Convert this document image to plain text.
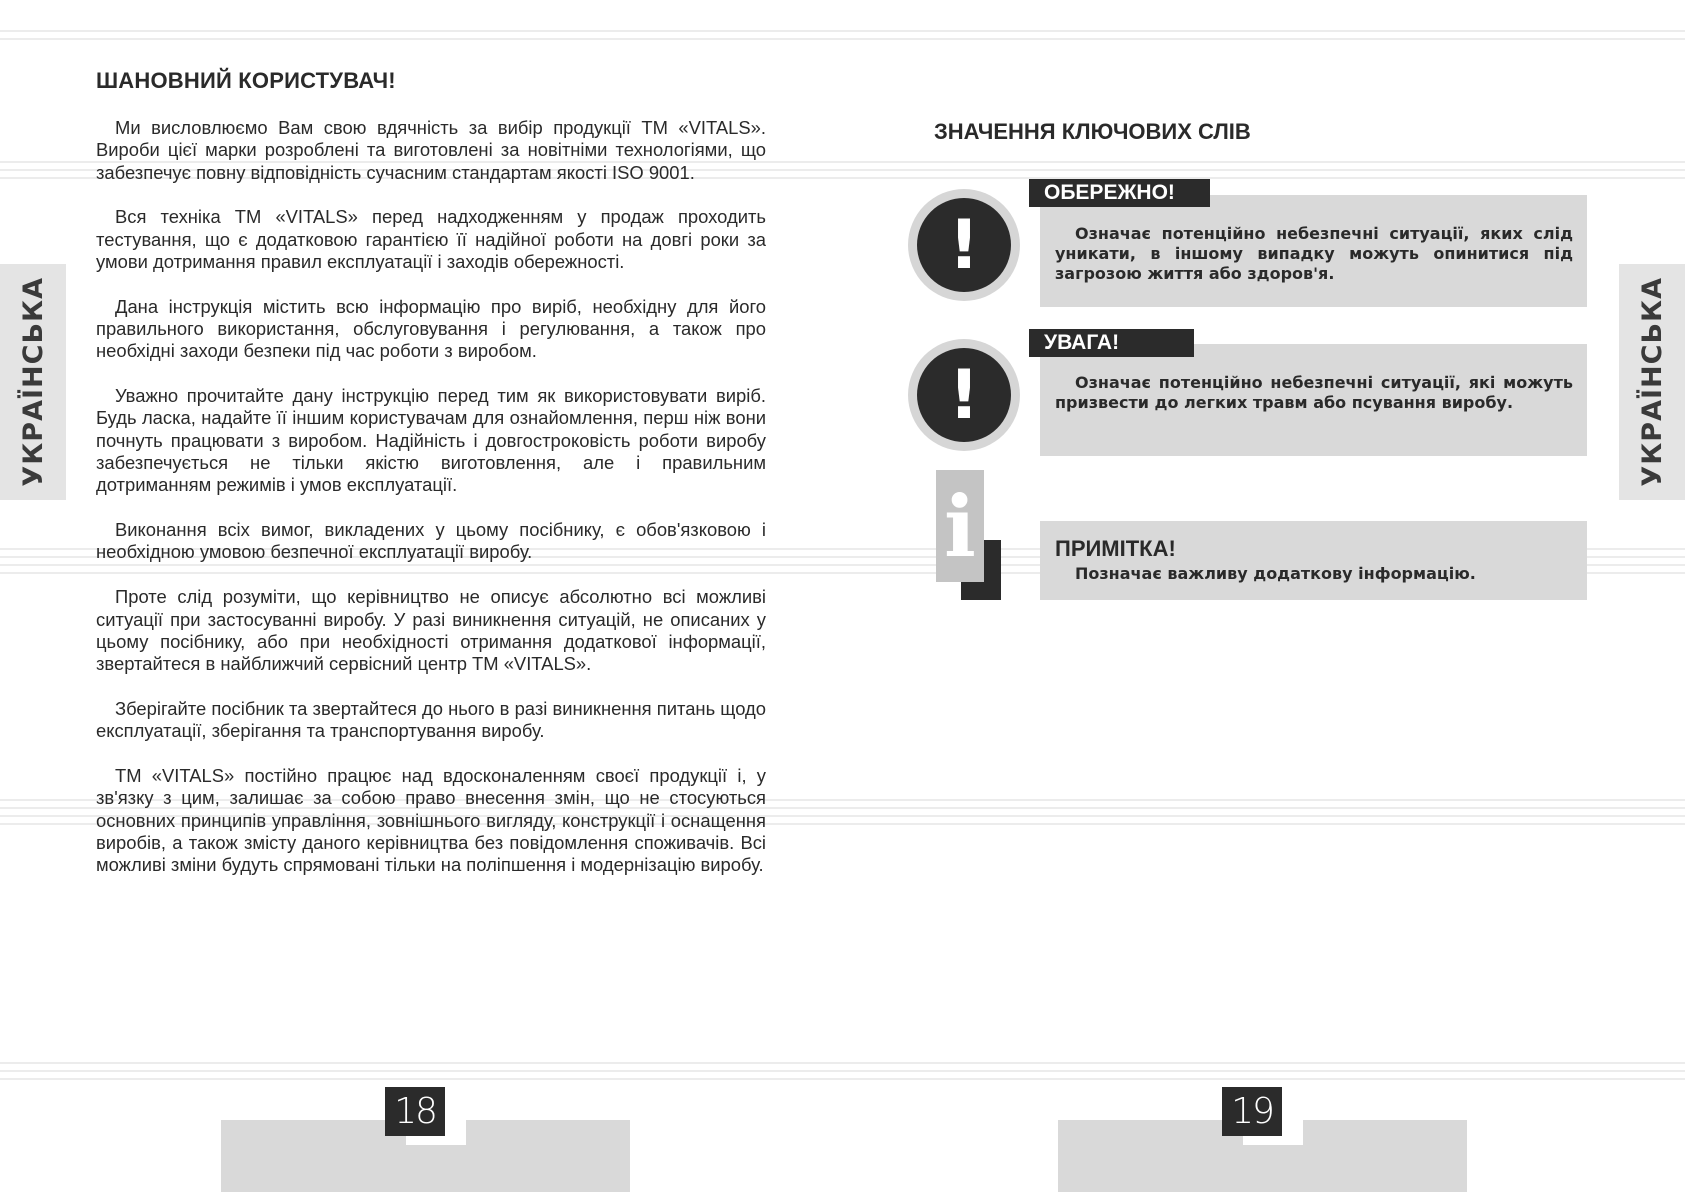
УКРАЇНСЬКА	УКРАЇНСЬКА
ШАНОВНИЙ КОРИСТУВАЧ!

Ми висловлюємо Вам свою вдячність за вибір продукції ТМ «VITALS». Вироби цієї марки розроблені та виготовлені за новітніми технологіями, що забезпечує повну відповідність сучасним стандартам якості ISO 9001.

Вся техніка ТМ «VITALS» перед надходженням у продаж проходить тестування, що є додатковою гарантією її надійної роботи на довгі роки за умови дотримання правил експлуатації і заходів обережності.

Дана інструкція містить всю інформацію про виріб, необхідну для його правильного використання, обслуговування і регулювання, а також про необхідні заходи безпеки під час роботи з виробом.

Уважно прочитайте дану інструкцію перед тим як використовувати виріб. Будь ласка, надайте її іншим користувачам для ознайомлення, перш ніж вони почнуть працювати з виробом. Надійність і довгостроковість роботи виробу забезпечується не тільки якістю виготовлення, але і правильним дотриманням режимів і умов експлуатації.

Виконання всіх вимог, викладених у цьому посібнику, є обов'язковою і необхідною умовою безпечної експлуатації виробу.

Проте слід розуміти, що керівництво не описує абсолютно всі можливі ситуації при застосуванні виробу. У разі виникнення ситуацій, не описаних у цьому посібнику, або при необхідності отримання додаткової інформації, звертайтеся в найближчий сервісний центр ТМ «VITALS».

Зберігайте посібник та звертайтеся до нього в разі виникнення питань щодо експлуатації, зберігання та транспортування виробу.

ТМ «VITALS» постійно працює над вдосконаленням своєї продукції і, у зв'язку з цим, залишає за собою право внесення змін, що не стосуються основних принципів управління, зовнішнього вигляду, конструкції і оснащення виробів, а також змісту даного керівництва без повідомлення споживачів. Всі можливі зміни будуть спрямовані тільки на поліпшення і модернізацію виробу.

ЗНАЧЕННЯ КЛЮЧОВИХ СЛІВ
!	Означає потенційно небезпечні ситуації, яких слід уникати, в іншому випадку можуть опинитися під загрозою життя або здоров'я.

ОБЕРЕЖНО!
!	Означає потенційно небезпечні ситуації, які можуть призвести до легких травм або псування виробу.

УВАГА!
i	ПРИМІТКА!
Позначає важливу додаткову інформацію.
18	19
